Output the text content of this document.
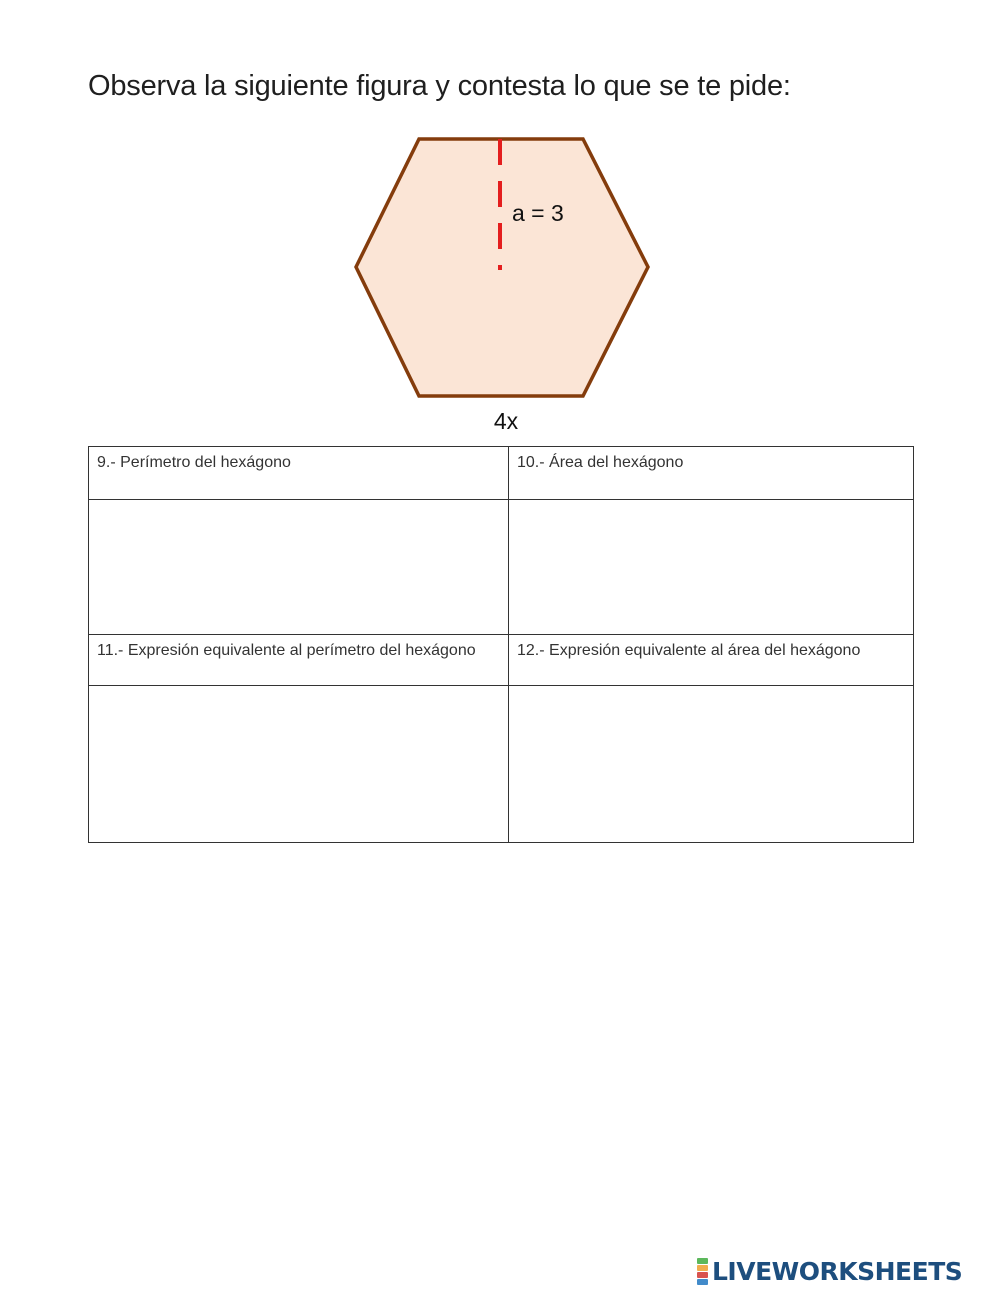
Observa la siguiente figura y contesta lo que se te pide:
a = 3
4x
9.- Perímetro del hexágono	10.- Área del hexágono

11.- Expresión equivalente al perímetro del hexágono	12.- Expresión equivalente al área del hexágono

LIVEWORKSHEETS
